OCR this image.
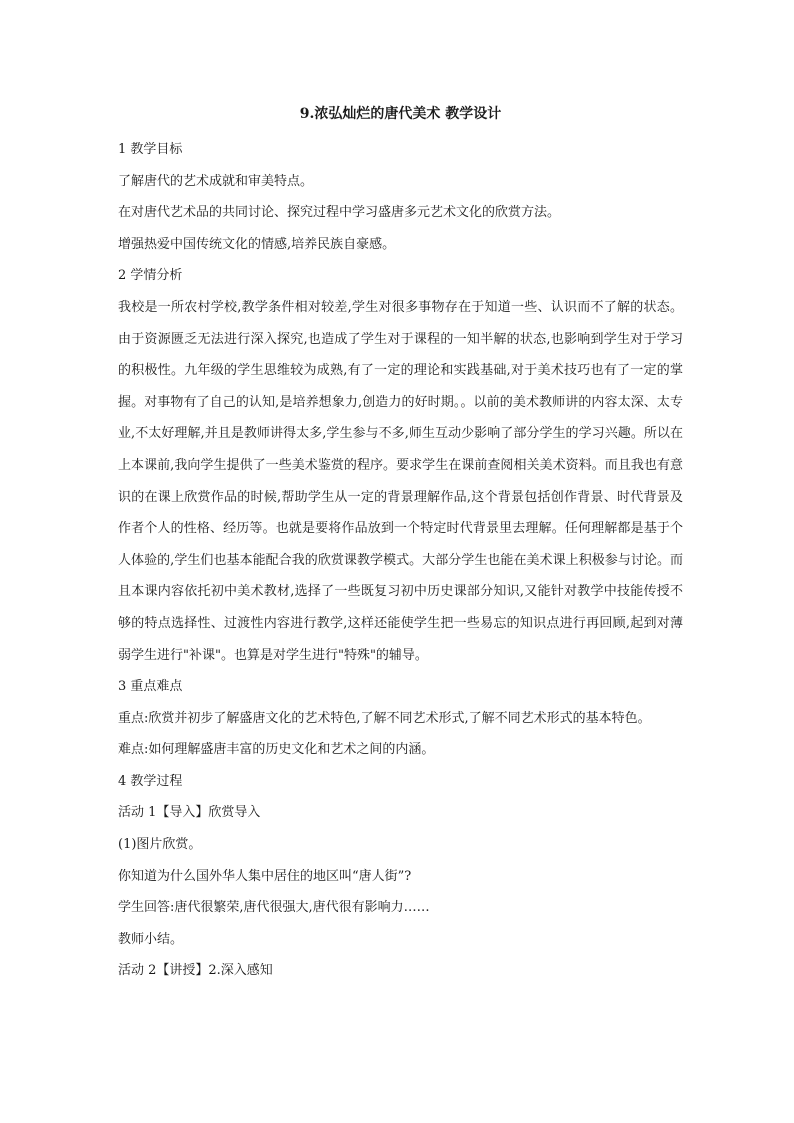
9.浓弘灿烂的唐代美术 教学设计

1 教学目标

了解唐代的艺术成就和审美特点。

在对唐代艺术品的共同讨论、探究过程中学习盛唐多元艺术文化的欣赏方法。

增强热爱中国传统文化的情感,培养民族自豪感。

2 学情分析

我校是一所农村学校,教学条件相对较差,学生对很多事物存在于知道一些、认识而不了解的状态。由于资源匮乏无法进行深入探究,也造成了学生对于课程的一知半解的状态,也影响到学生对于学习的积极性。九年级的学生思维较为成熟,有了一定的理论和实践基础,对于美术技巧也有了一定的掌握。对事物有了自己的认知,是培养想象力,创造力的好时期。。以前的美术教师讲的内容太深、太专业,不太好理解,并且是教师讲得太多,学生参与不多,师生互动少影响了部分学生的学习兴趣。所以在上本课前,我向学生提供了一些美术鉴赏的程序。要求学生在课前查阅相关美术资料。而且我也有意识的在课上欣赏作品的时候,帮助学生从一定的背景理解作品,这个背景包括创作背景、时代背景及作者个人的性格、经历等。也就是要将作品放到一个特定时代背景里去理解。任何理解都是基于个人体验的,学生们也基本能配合我的欣赏课教学模式。大部分学生也能在美术课上积极参与讨论。而且本课内容依托初中美术教材,选择了一些既复习初中历史课部分知识,又能针对教学中技能传授不够的特点选择性、过渡性内容进行教学,这样还能使学生把一些易忘的知识点进行再回顾,起到对薄弱学生进行"补课"。也算是对学生进行"特殊"的辅导。

3 重点难点

重点:欣赏并初步了解盛唐文化的艺术特色,了解不同艺术形式,了解不同艺术形式的基本特色。

难点:如何理解盛唐丰富的历史文化和艺术之间的内涵。

4 教学过程

活动 1【导入】欣赏导入

(1)图片欣赏。

你知道为什么国外华人集中居住的地区叫“唐人街”?

学生回答:唐代很繁荣,唐代很强大,唐代很有影响力……

教师小结。

活动 2【讲授】2.深入感知
